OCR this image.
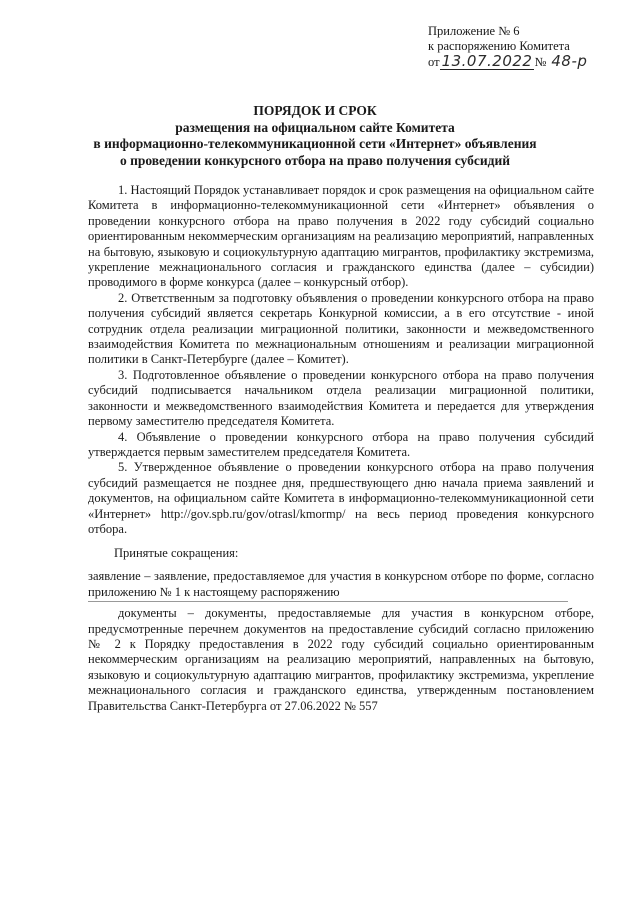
Приложение № 6
к распоряжению Комитета
от 13.07.2022 № 48-р
ПОРЯДОК И СРОК
размещения на официальном сайте Комитета
в информационно-телекоммуникационной сети «Интернет» объявления
о проведении конкурсного отбора на право получения субсидий

1. Настоящий Порядок устанавливает порядок и срок размещения на официальном сайте Комитета в информационно-телекоммуникационной сети «Интернет» объявления о проведении конкурсного отбора на право получения в 2022 году субсидий социально ориентированным некоммерческим организациям на реализацию мероприятий, направленных на бытовую, языковую и социокультурную адаптацию мигрантов, профилактику экстремизма, укрепление межнационального согласия и гражданского единства (далее – субсидии) проводимого в форме конкурса (далее – конкурсный отбор).

2. Ответственным за подготовку объявления о проведении конкурсного отбора на право получения субсидий является секретарь Конкурной комиссии, а в его отсутствие - иной сотрудник отдела реализации миграционной политики, законности и межведомственного взаимодействия Комитета по межнациональным отношениям и реализации миграционной политики в Санкт-Петербурге (далее – Комитет).

3. Подготовленное объявление о проведении конкурсного отбора на право получения субсидий подписывается начальником отдела реализации миграционной политики, законности и межведомственного взаимодействия Комитета и передается для утверждения первому заместителю председателя Комитета.

4. Объявление о проведении конкурсного отбора на право получения субсидий утверждается первым заместителем председателя Комитета.

5. Утвержденное объявление о проведении конкурсного отбора на право получения субсидий размещается не позднее дня, предшествующего дню начала приема заявлений и документов, на официальном сайте Комитета в информационно-телекоммуникационной сети «Интернет» http://gov.spb.ru/gov/otrasl/kmormp/ на весь период проведения конкурсного отбора.

Принятые сокращения:

заявление – заявление, предоставляемое для участия в конкурсном отборе по форме, согласно приложению № 1 к настоящему распоряжению

документы – документы, предоставляемые для участия в конкурсном отборе, предусмотренные перечнем документов на предоставление субсидий согласно приложению № 2 к Порядку предоставления в 2022 году субсидий социально ориентированным некоммерческим организациям на реализацию мероприятий, направленных на бытовую, языковую и социокультурную адаптацию мигрантов, профилактику экстремизма, укрепление межнационального согласия и гражданского единства, утвержденным постановлением Правительства Санкт-Петербурга от 27.06.2022 № 557
